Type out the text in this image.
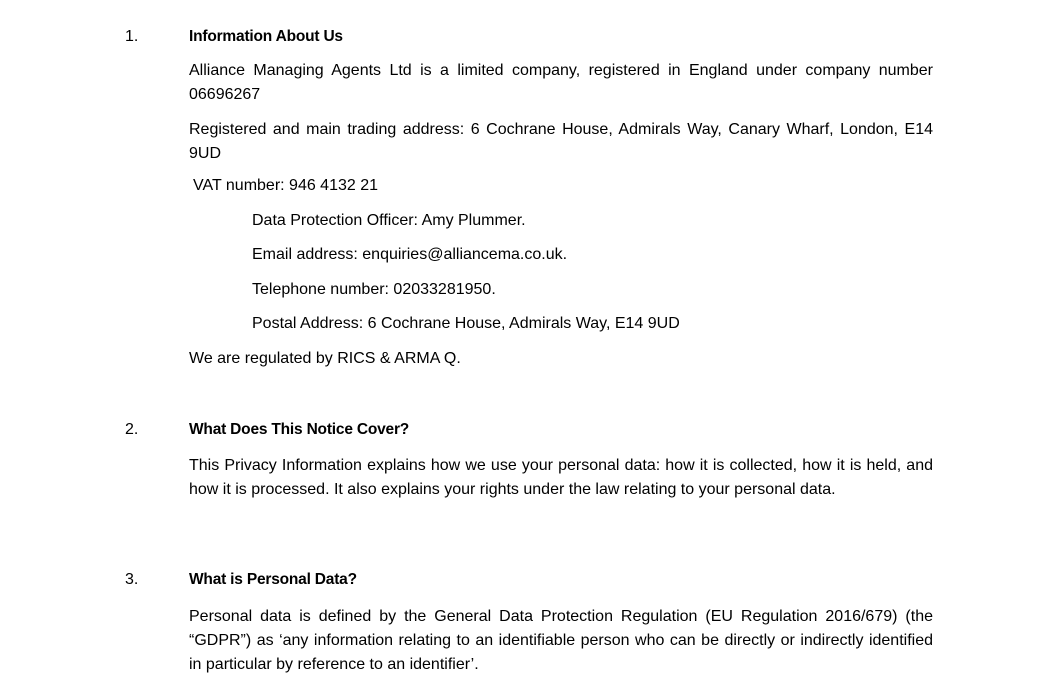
1.	Information About Us
Alliance Managing Agents Ltd is a limited company, registered in England under company number 06696267
Registered and main trading address: 6 Cochrane House, Admirals Way, Canary Wharf, London, E14 9UD
VAT number: 946 4132 21
Data Protection Officer: Amy Plummer.
Email address: enquiries@alliancema.co.uk.
Telephone number: 02033281950.
Postal Address: 6 Cochrane House, Admirals Way, E14 9UD
We are regulated by RICS & ARMA Q.
2.	What Does This Notice Cover?
This Privacy Information explains how we use your personal data: how it is collected, how it is held, and how it is processed. It also explains your rights under the law relating to your personal data.
3.	What is Personal Data?
Personal data is defined by the General Data Protection Regulation (EU Regulation 2016/679) (the “GDPR”) as ‘any information relating to an identifiable person who can be directly or indirectly identified in particular by reference to an identifier’.
